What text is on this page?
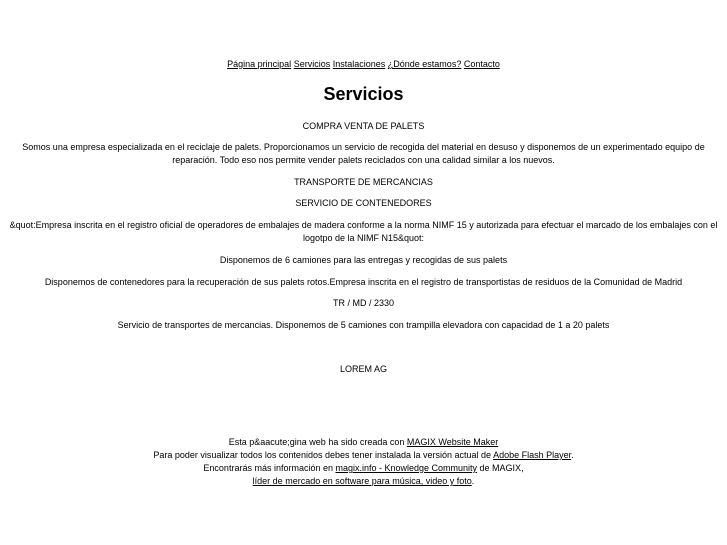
Página principal Servicios Instalaciones ¿Dónde estamos? Contacto
Servicios

COMPRA VENTA DE PALETS

Somos una empresa especializada en el reciclaje de palets. Proporcionamos un servicio de recogida del material en desuso y disponemos de un experimentado equipo de reparación. Todo eso nos permite vender palets reciclados con una calidad similar a los nuevos.

TRANSPORTE DE MERCANCIAS

SERVICIO DE CONTENEDORES

&quot:Empresa inscrita en el registro oficial de operadores de embalajes de madera conforme a la norma NIMF 15 y autorizada para efectuar el marcado de los embalajes con el logotpo de la NIMF N15&quot:

Disponemos de 6 camiones para las entregas y recogidas de sus palets

Disponemos de contenedores para la recuperación de sus palets rotos.Empresa inscrita en el registro de transportistas de residuos de la Comunidad de Madrid

TR / MD / 2330

Servicio de transportes de mercancias. Disponemos de 5 camiones con trampilla elevadora con capacidad de 1 a 20 palets

LOREM AG

Esta p&aacute;gina web ha sido creada con MAGIX Website Maker
Para poder visualizar todos los contenidos debes tener instalada la versión actual de Adobe Flash Player.
Encontrarás más información en magix.info - Knowledge Community de MAGIX,
líder de mercado en software para música, video y foto.
